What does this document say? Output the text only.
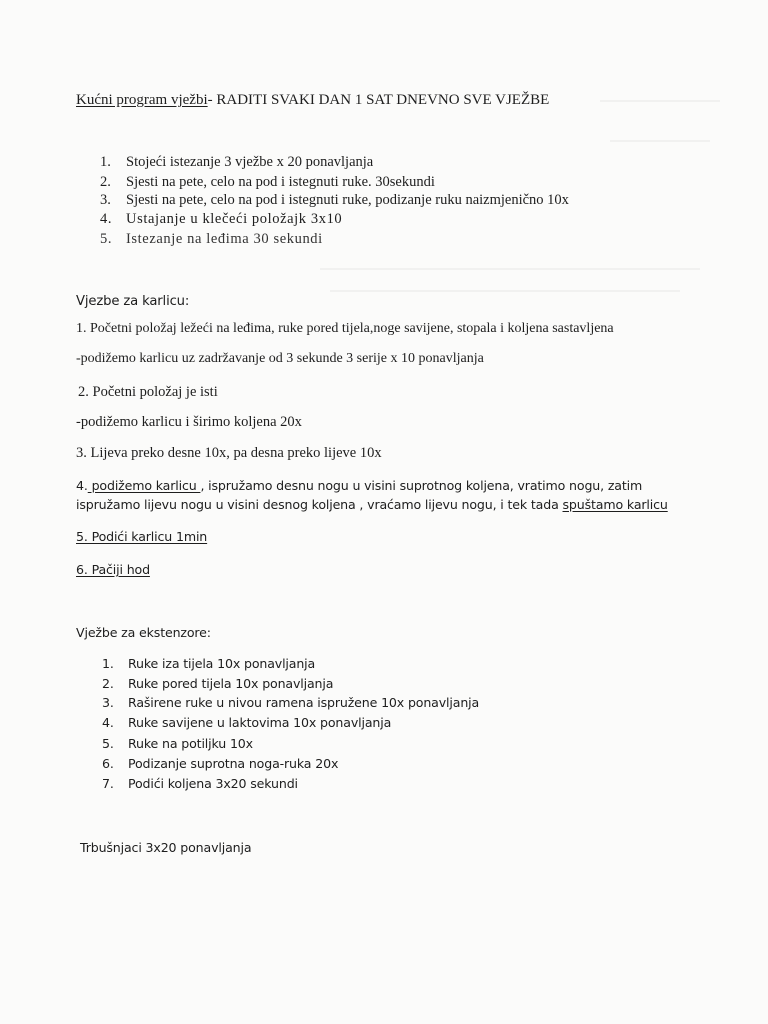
Kućni program vježbi- RADITI SVAKI DAN 1 SAT DNEVNO SVE VJEŽBE

1. Stojeći istezanje 3 vježbe x 20 ponavljanja

2. Sjesti na pete, celo na pod i istegnuti ruke. 30sekundi

3. Sjesti na pete, celo na pod i istegnuti ruke, podizanje ruku naizmjenično 10x

4. Ustajanje u klečeći položajk 3x10

5. Istezanje na leđima 30 sekundi

Vjezbe za karlicu:

1. Početni položaj ležeći na leđima, ruke pored tijela,noge savijene, stopala i koljena sastavljena

-podižemo karlicu uz zadržavanje od 3 sekunde 3 serije x 10 ponavljanja

2. Početni položaj je isti

-podižemo karlicu i širimo koljena 20x

3. Lijeva preko desne 10x, pa desna preko lijeve 10x

4. podižemo karlicu , ispružamo desnu nogu u visini suprotnog koljena, vratimo nogu, zatim

ispružamo lijevu nogu u visini desnog koljena , vraćamo lijevu nogu, i tek tada spuštamo karlicu

5. Podići karlicu 1min

6. Pačiji hod

Vježbe za ekstenzore:

1. Ruke iza tijela 10x ponavljanja

2. Ruke pored tijela 10x ponavljanja

3. Raširene ruke u nivou ramena ispružene 10x ponavljanja

4. Ruke savijene u laktovima 10x ponavljanja

5. Ruke na potiljku 10x

6. Podizanje suprotna noga-ruka 20x

7. Podići koljena 3x20 sekundi

Trbušnjaci 3x20 ponavljanja
